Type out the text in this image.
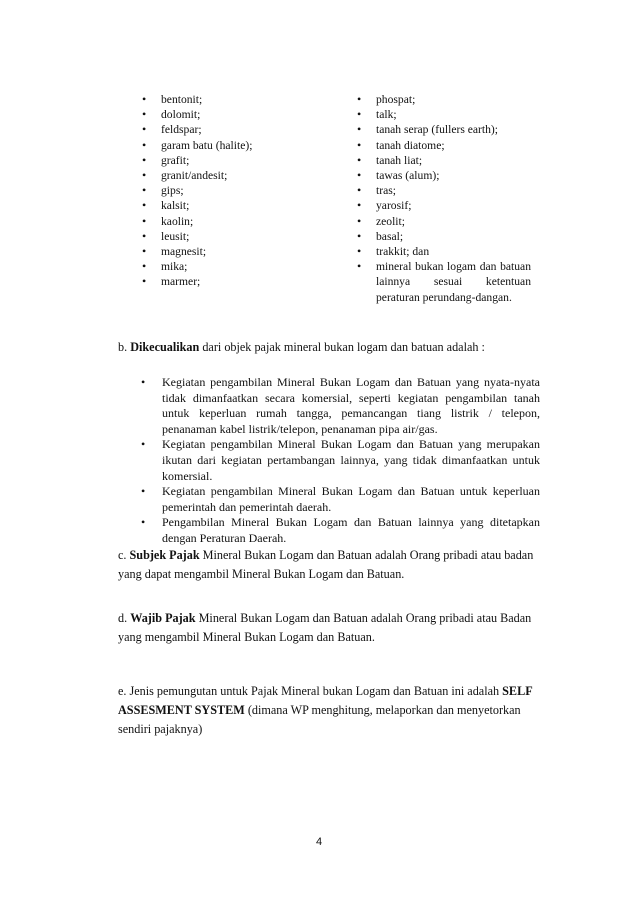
• bentonit;
• dolomit;
• feldspar;
• garam batu (halite);
• grafit;
• granit/andesit;
• gips;
• kalsit;
• kaolin;
• leusit;
• magnesit;
• mika;
• marmer;
• phospat;
• talk;
• tanah serap (fullers earth);
• tanah diatome;
• tanah liat;
• tawas (alum);
• tras;
• yarosif;
• zeolit;
• basal;
• trakkit; dan
• mineral bukan logam dan batuan lainnya sesuai ketentuan peraturan perundang-dangan.

b. Dikecualikan dari objek pajak mineral bukan logam dan batuan adalah :

• Kegiatan pengambilan Mineral Bukan Logam dan Batuan yang nyata-nyata tidak dimanfaatkan secara komersial, seperti kegiatan pengambilan tanah untuk keperluan rumah tangga, pemancangan tiang listrik / telepon, penanaman kabel listrik/telepon, penanaman pipa air/gas.
• Kegiatan pengambilan Mineral Bukan Logam dan Batuan yang merupakan ikutan dari kegiatan pertambangan lainnya, yang tidak dimanfaatkan untuk komersial.
• Kegiatan pengambilan Mineral Bukan Logam dan Batuan untuk keperluan pemerintah dan pemerintah daerah.
• Pengambilan Mineral Bukan Logam dan Batuan lainnya yang ditetapkan dengan Peraturan Daerah.

c. Subjek Pajak Mineral Bukan Logam dan Batuan adalah Orang pribadi atau badan yang dapat mengambil Mineral Bukan Logam dan Batuan.

d. Wajib Pajak Mineral Bukan Logam dan Batuan adalah Orang pribadi atau Badan yang mengambil Mineral Bukan Logam dan Batuan.

e. Jenis pemungutan untuk Pajak Mineral bukan Logam dan Batuan ini adalah SELF ASSESMENT SYSTEM (dimana WP menghitung, melaporkan dan menyetorkan sendiri pajaknya)

4
